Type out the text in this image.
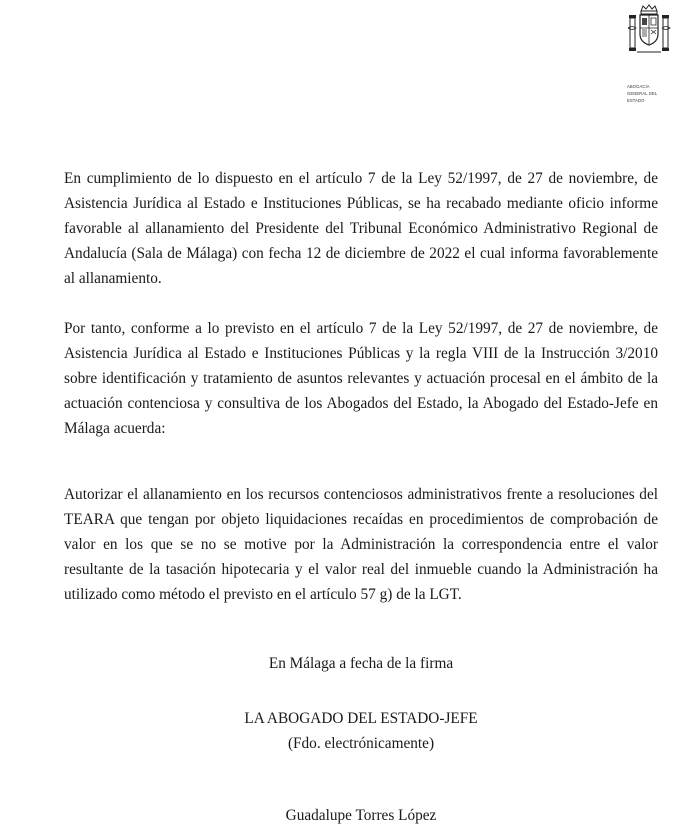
ABOGACÍA
GENERAL DEL
ESTADO

En cumplimiento de lo dispuesto en el artículo 7 de la Ley 52/1997, de 27 de noviembre, de Asistencia Jurídica al Estado e Instituciones Públicas, se ha recabado mediante oficio informe favorable al allanamiento del Presidente del Tribunal Económico Administrativo Regional de Andalucía (Sala de Málaga) con fecha 12 de diciembre de 2022 el cual informa favorablemente al allanamiento.

Por tanto, conforme a lo previsto en el artículo 7 de la Ley 52/1997, de 27 de noviembre, de Asistencia Jurídica al Estado e Instituciones Públicas y la regla VIII de la Instrucción 3/2010 sobre identificación y tratamiento de asuntos relevantes y actuación procesal en el ámbito de la actuación contenciosa y consultiva de los Abogados del Estado, la Abogado del Estado-Jefe en Málaga acuerda:

Autorizar el allanamiento en los recursos contenciosos administrativos frente a resoluciones del TEARA que tengan por objeto liquidaciones recaídas en procedimientos de comprobación de valor en los que se no se motive por la Administración la correspondencia entre el valor resultante de la tasación hipotecaria y el valor real del inmueble cuando la Administración ha utilizado como método el previsto en el artículo 57 g) de la LGT.

En Málaga a fecha de la firma

LA ABOGADO DEL ESTADO-JEFE

(Fdo. electrónicamente)

Guadalupe Torres López
